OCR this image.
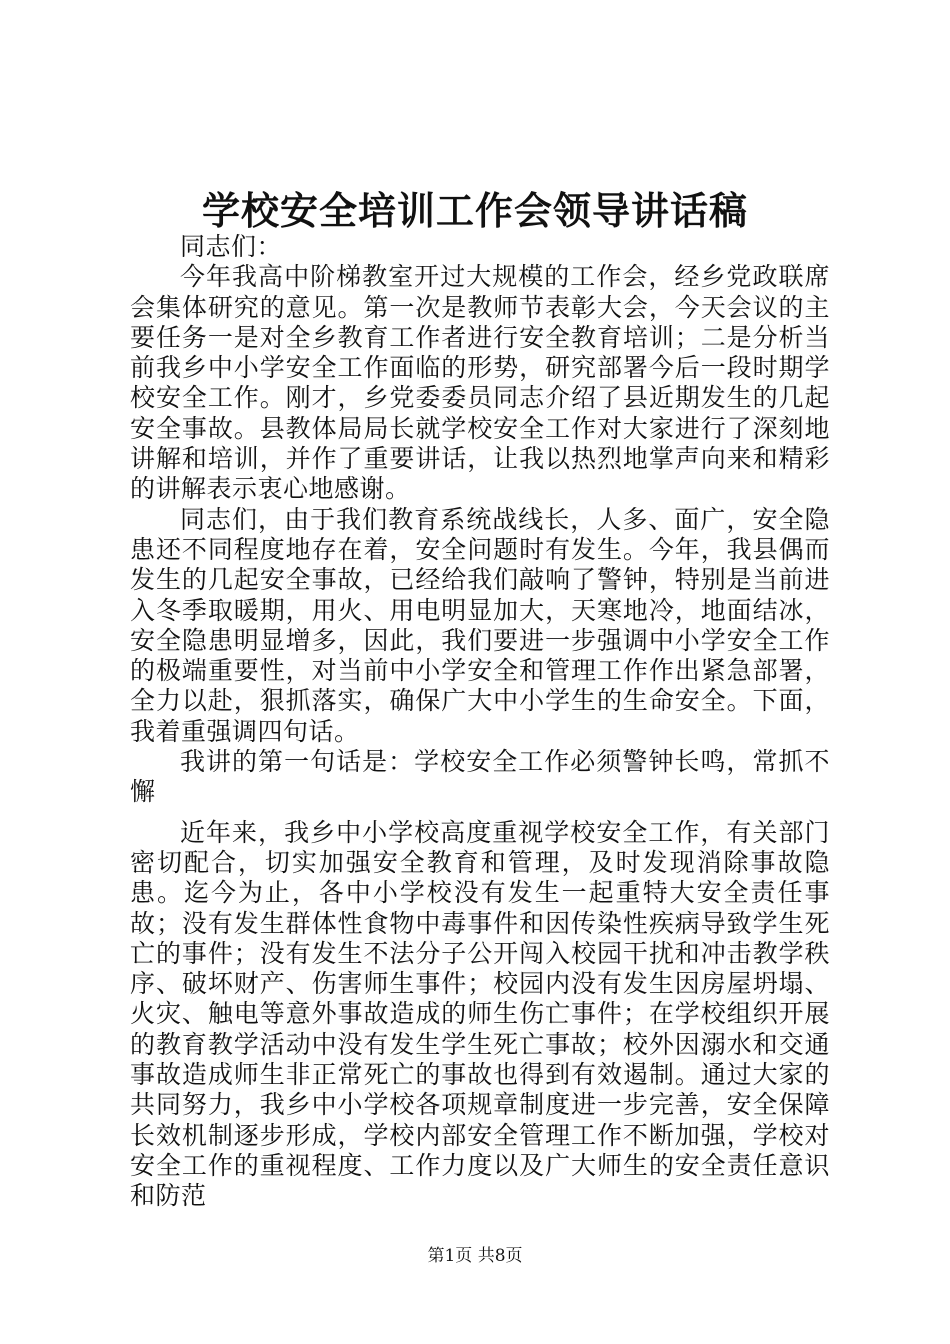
学校安全培训工作会领导讲话稿

同志们：

今年我高中阶梯教室开过大规模的工作会，经乡党政联席会集体研究的意见。第一次是教师节表彰大会，今天会议的主要任务一是对全乡教育工作者进行安全教育培训；二是分析当前我乡中小学安全工作面临的形势，研究部署今后一段时期学校安全工作。刚才，乡党委委员同志介绍了县近期发生的几起安全事故。县教体局局长就学校安全工作对大家进行了深刻地讲解和培训，并作了重要讲话，让我以热烈地掌声向来和精彩的讲解表示衷心地感谢。

同志们，由于我们教育系统战线长，人多、面广，安全隐患还不同程度地存在着，安全问题时有发生。今年，我县偶而发生的几起安全事故，已经给我们敲响了警钟，特别是当前进入冬季取暖期，用火、用电明显加大，天寒地冷，地面结冰，安全隐患明显增多，因此，我们要进一步强调中小学安全工作的极端重要性，对当前中小学安全和管理工作作出紧急部署，全力以赴，狠抓落实，确保广大中小学生的生命安全。下面，我着重强调四句话。

我讲的第一句话是：学校安全工作必须警钟长鸣，常抓不懈

近年来，我乡中小学校高度重视学校安全工作，有关部门密切配合，切实加强安全教育和管理，及时发现消除事故隐患。迄今为止，各中小学校没有发生一起重特大安全责任事故；没有发生群体性食物中毒事件和因传染性疾病导致学生死亡的事件；没有发生不法分子公开闯入校园干扰和冲击教学秩序、破坏财产、伤害师生事件；校园内没有发生因房屋坍塌、火灾、触电等意外事故造成的师生伤亡事件；在学校组织开展的教育教学活动中没有发生学生死亡事故；校外因溺水和交通事故造成师生非正常死亡的事故也得到有效遏制。通过大家的共同努力，我乡中小学校各项规章制度进一步完善，安全保障长效机制逐步形成，学校内部安全管理工作不断加强，学校对安全工作的重视程度、工作力度以及广大师生的安全责任意识和防范

第1页 共8页
